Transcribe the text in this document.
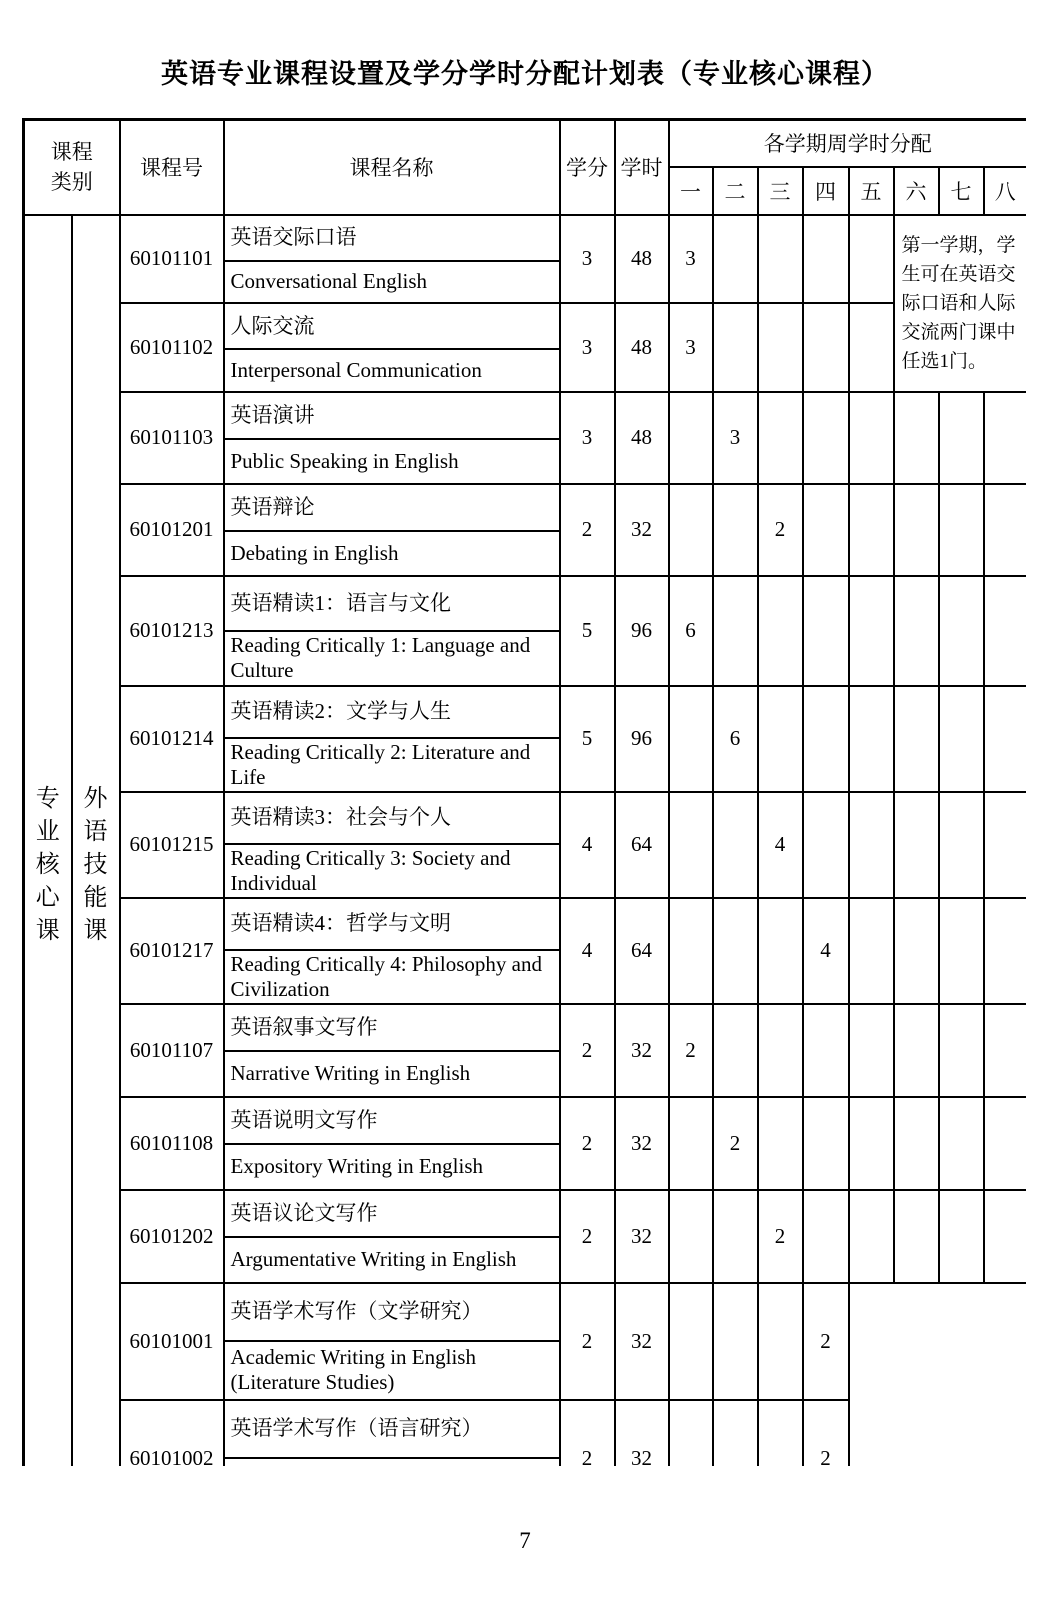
英语专业课程设置及学分学时分配计划表（专业核心课程）
课程类别		课程号	课程名称	学分	学时	各学期周学时分配							
						一	二	三	四	五	六	七	八

专业核心课	外语技能课	60101101	英语交际口语
Conversational English	3	48	3					第一学期，学生可在英语交际口语和人际交流两门课中任选1门。		

		60101102	人际交流
Interpersonal Communication	3	48	3							
		60101103	英语演讲
Public Speaking in English	3	48		3						
		60101201	英语辩论
Debating in English	2	32			2					
		60101213	英语精读1：语言与文化
Reading Critically 1: Language and Culture	5	96	6							
		60101214	英语精读2：文学与人生
Reading Critically 2: Literature and Life	5	96		6						
		60101215	英语精读3：社会与个人
Reading Critically 3: Society and Individual	4	64			4					
		60101217	英语精读4：哲学与文明
Reading Critically 4: Philosophy and Civilization	4	64				4				
		60101107	英语叙事文写作
Narrative Writing in English	2	32	2							
		60101108	英语说明文写作
Expository Writing in English	2	32		2						
		60101202	英语议论文写作
Argumentative Writing in English	2	32			2					
		60101001	英语学术写作（文学研究）
Academic Writing in English (Literature Studies)	2	32				2				
		60101002	英语学术写作（语言研究）	2	32				2				
7
